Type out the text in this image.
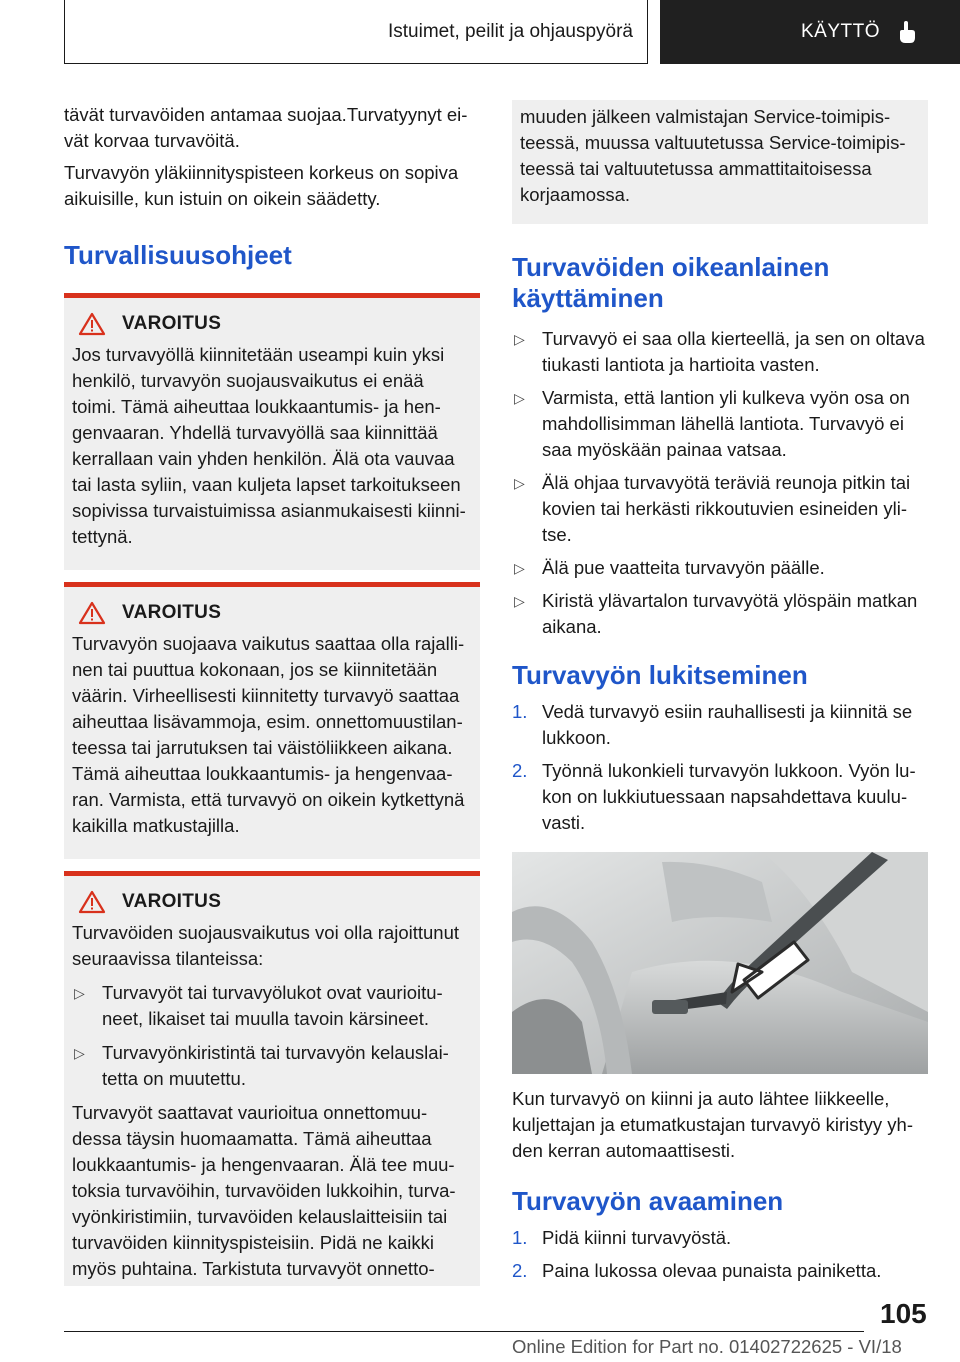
Istuimet, peilit ja ohjauspyörä	KÄYTTÖ

tävät turvavöiden antamaa suojaa.Turvatyynyt ei‐ vät korvaa turvavöitä.

Turvavyön yläkiinnityspisteen korkeus on sopiva aikuisille, kun istuin on oikein säädetty.

Turvallisuusohjeet
VAROITUS

Jos turvavyöllä kiinnitetään useampi kuin yksi henkilö, turvavyön suojausvaikutus ei enää toimi. Tämä aiheuttaa loukkaantumis- ja hen‐ genvaaran. Yhdellä turvavyöllä saa kiinnittää kerrallaan vain yhden henkilön. Älä ota vauvaa tai lasta syliin, vaan kuljeta lapset tarkoitukseen sopivissa turvaistuimissa asianmukaisesti kiinni‐ tettynä.

VAROITUS

Turvavyön suojaava vaikutus saattaa olla rajalli‐ nen tai puuttua kokonaan, jos se kiinnitetään väärin. Virheellisesti kiinnitetty turvavyö saattaa aiheuttaa lisävammoja, esim. onnettomuustilan‐ teessa tai jarrutuksen tai väistöliikkeen aikana. Tämä aiheuttaa loukkaantumis- ja hengenvaa‐ ran. Varmista, että turvavyö on oikein kytkettynä kaikilla matkustajilla.

VAROITUS

Turvavöiden suojausvaikutus voi olla rajoittunut seuraavissa tilanteissa:

▷ Turvavyöt tai turvavyölukot ovat vaurioitu‐ neet, likaiset tai muulla tavoin kärsineet.
▷ Turvavyönkiristintä tai turvavyön kelauslai‐ tetta on muutettu.

Turvavyöt saattavat vaurioitua onnettomuu‐ dessa täysin huomaamatta. Tämä aiheuttaa loukkaantumis- ja hengenvaaran. Älä tee muu‐ toksia turvavöihin, turvavöiden lukkoihin, turva‐ vyönkiristimiin, turvavöiden kelauslaitteisiin tai turvavöiden kiinnityspisteisiin. Pidä ne kaikki myös puhtaina. Tarkistuta turvavyöt onnetto‐

muuden jälkeen valmistajan Service-toimipis‐ teessä, muussa valtuutetussa Service-toimipis‐ teessä tai valtuutetussa ammattitaitoisessa korjaamossa.

Turvavöiden oikeanlainen käyttäminen
▷ Turvavyö ei saa olla kierteellä, ja sen on oltava tiukasti lantiota ja hartioita vasten.
▷ Varmista, että lantion yli kulkeva vyön osa on mahdollisimman lähellä lantiota. Turvavyö ei saa myöskään painaa vatsaa.
▷ Älä ohjaa turvavyötä teräviä reunoja pitkin tai kovien tai herkästi rikkoutuvien esineiden yli‐ tse.
▷ Älä pue vaatteita turvavyön päälle.
▷ Kiristä ylävartalon turvavyötä ylöspäin matkan aikana.
Turvavyön lukitseminen
1. Vedä turvavyö esiin rauhallisesti ja kiinnitä se lukkoon.
2. Työnnä lukonkieli turvavyön lukkoon. Vyön lu‐ kon on lukkiutuessaan napsahdettava kuulu‐ vasti.

Kun turvavyö on kiinni ja auto lähtee liikkeelle, kuljettajan ja etumatkustajan turvavyö kiristyy yh‐ den kerran automaattisesti.

Turvavyön avaaminen
1. Pidä kiinni turvavyöstä.
2. Paina lukossa olevaa punaista painiketta.
105
Online Edition for Part no. 01402722625 - VI/18
